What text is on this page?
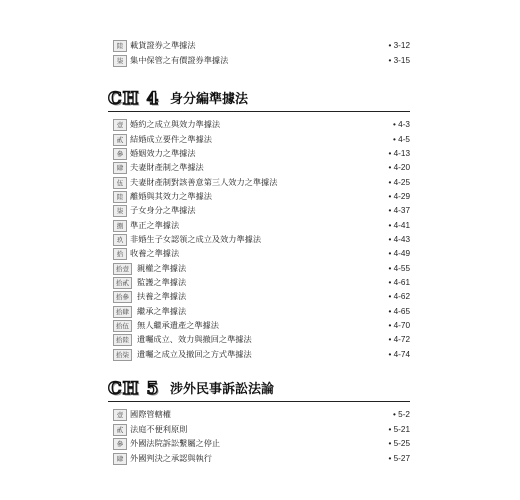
陸 載貨證券之準據法	• 3-12
柒 集中保管之有價證券準據法	• 3-15
CH 4 身分編準據法
壹 婚約之成立與效力準據法	• 4-3
貳 結婚成立要件之準據法	• 4-5
參 婚姻效力之準據法	• 4-13
肆 夫妻財產制之準據法	• 4-20
伍 夫妻財產制對該善意第三人效力之準據法	• 4-25
陸 離婚與其效力之準據法	• 4-29
柒 子女身分之準據法	• 4-37
捌 準正之準據法	• 4-41
玖 非婚生子女認領之成立及效力準據法	• 4-43
拾 收養之準據法	• 4-49
拾壹 親權之準據法	• 4-55
拾貳 監護之準據法	• 4-61
拾參 扶養之準據法	• 4-62
拾肆 繼承之準據法	• 4-65
拾伍 無人繼承遺產之準據法	• 4-70
拾陸 遺囑成立、效力與撤回之準據法	• 4-72
拾柒 遺囑之成立及撤回之方式準據法	• 4-74
CH 5 涉外民事訴訟法論
壹 國際管轄權	• 5-2
貳 法庭不便利原則	• 5-21
參 外國法院訴訟繫屬之停止	• 5-25
肆 外國判決之承認與執行	• 5-27
